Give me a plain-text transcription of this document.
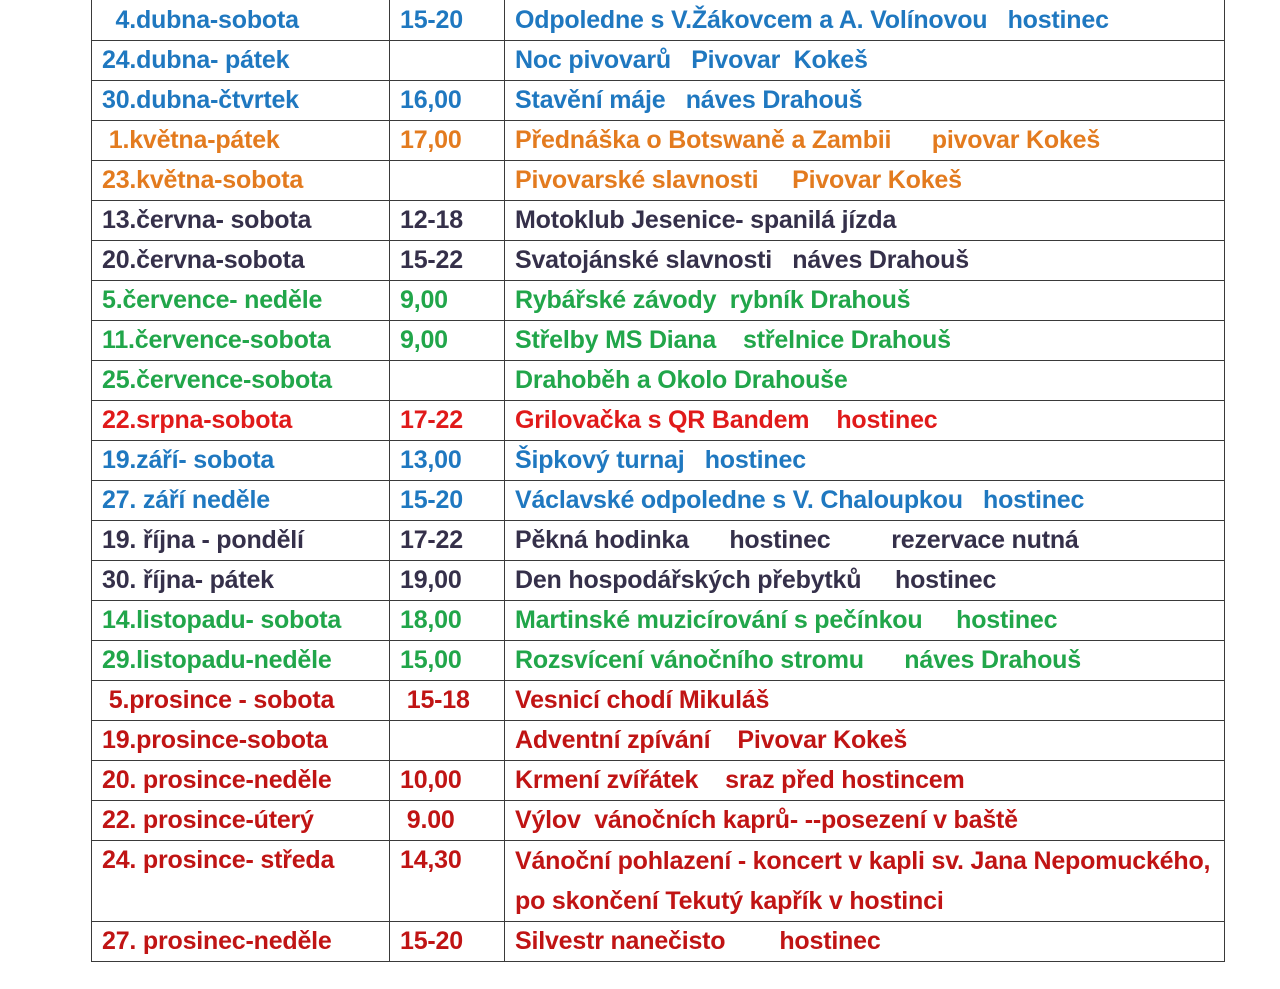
4.dubna-sobota	15-20	Odpoledne s V.Žákovcem a A. Volínovou   hostinec
24.dubna- pátek		Noc pivovarů   Pivovar  Kokeš
30.dubna-čtvrtek	16,00	Stavění máje   náves Drahouš
1.května-pátek	17,00	Přednáška o Botswaně a Zambii      pivovar Kokeš
23.května-sobota		Pivovarské slavnosti     Pivovar Kokeš
13.června- sobota	12-18	Motoklub Jesenice- spanilá jízda
20.června-sobota	15-22	Svatojánské slavnosti   náves Drahouš
5.července- neděle	9,00	Rybářské závody  rybník Drahouš
11.července-sobota	9,00	Střelby MS Diana    střelnice Drahouš
25.července-sobota		Drahoběh a Okolo Drahouše
22.srpna-sobota	17-22	Grilovačka s QR Bandem    hostinec
19.září- sobota	13,00	Šipkový turnaj   hostinec
27. září neděle	15-20	Václavské odpoledne s V. Chaloupkou   hostinec
19. října - pondělí	17-22	Pěkná hodinka      hostinec         rezervace nutná
30. října- pátek	19,00	Den hospodářských přebytků     hostinec
14.listopadu- sobota	18,00	Martinské muzicírování s pečínkou     hostinec
29.listopadu-neděle	15,00	Rozsvícení vánočního stromu      náves Drahouš
5.prosince - sobota	15-18	Vesnicí chodí Mikuláš
19.prosince-sobota		Adventní zpívání    Pivovar Kokeš
20. prosince-neděle	10,00	Krmení zvířátek    sraz před hostincem
22. prosince-úterý	9.00	Výlov  vánočních kaprů- --posezení v baště
24. prosince- středa	14,30	Vánoční pohlazení - koncert v kapli sv. Jana Nepomuckého, po skončení Tekutý kapřík v hostinci
27. prosinec-neděle	15-20	Silvestr nanečisto        hostinec
